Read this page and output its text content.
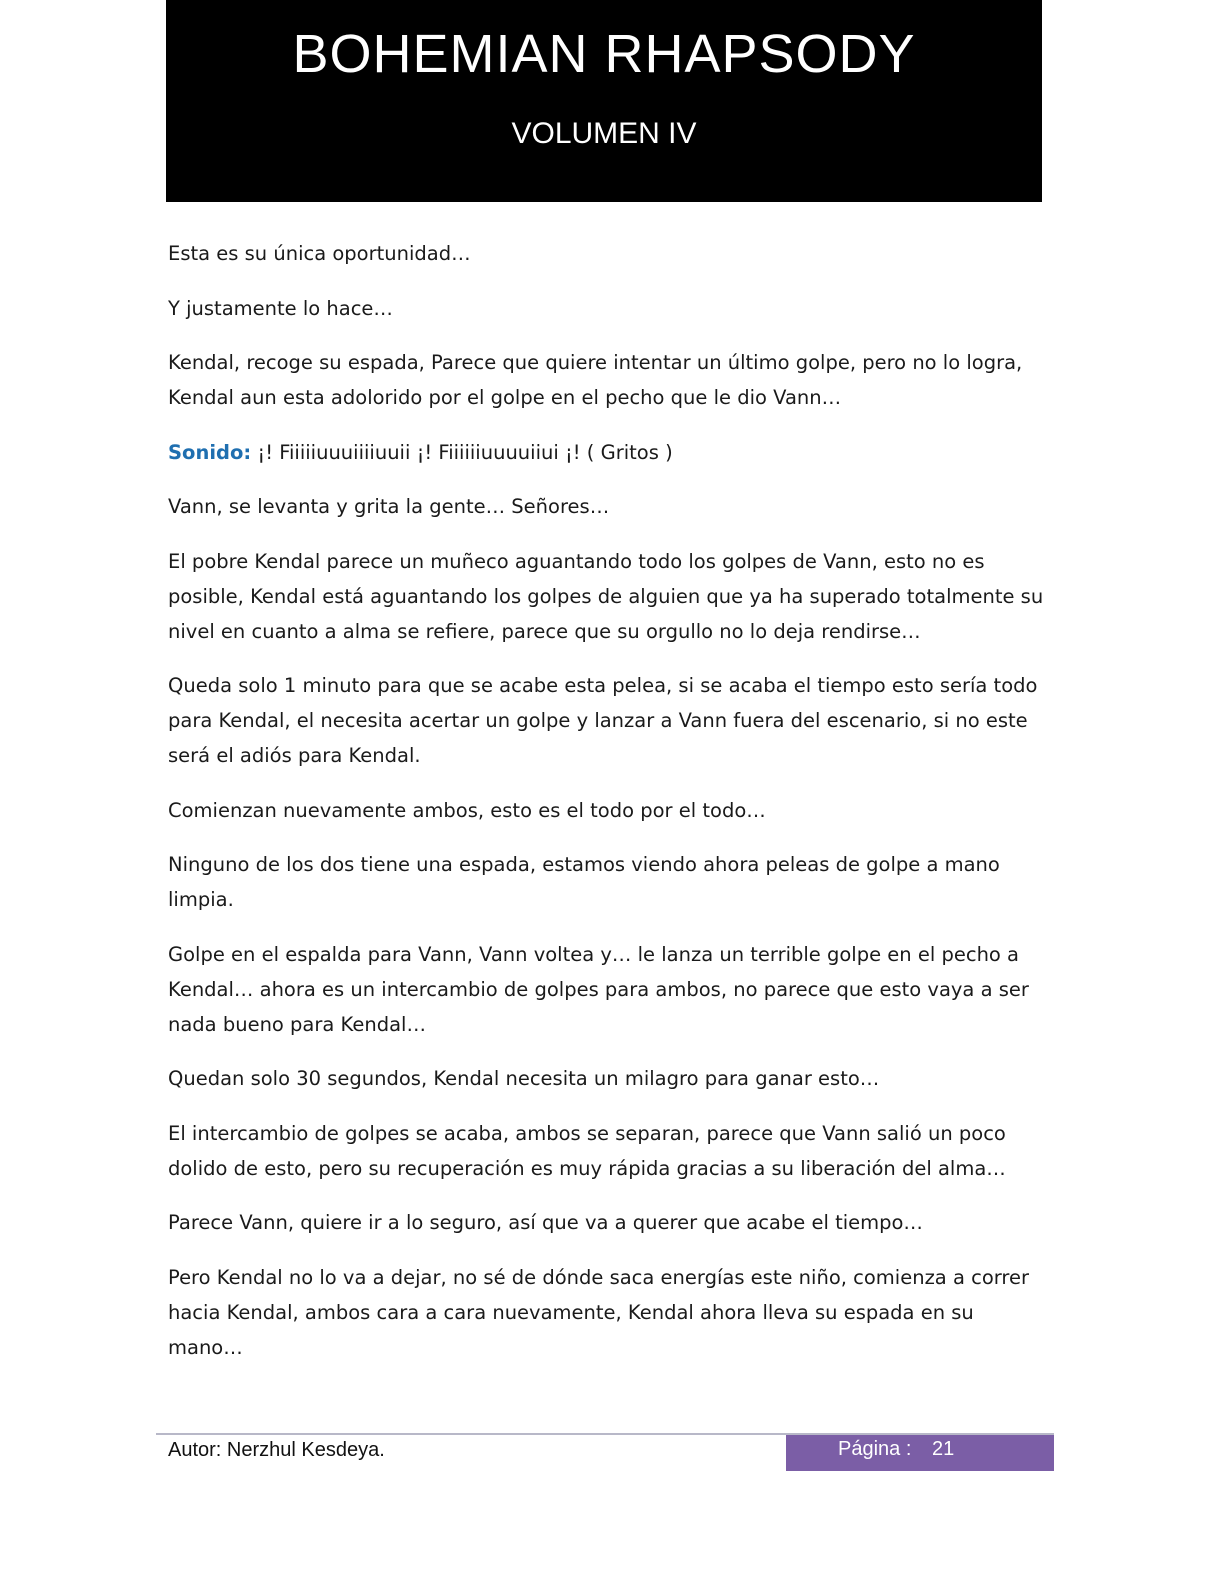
BOHEMIAN RHAPSODY
VOLUMEN IV

Esta es su única oportunidad…

Y justamente lo hace…

Kendal, recoge su espada, Parece que quiere intentar un último golpe, pero no lo logra, Kendal aun esta adolorido por el golpe en el pecho que le dio Vann…

Sonido: ¡! Fiiiiiuuuiiiiuuii ¡! Fiiiiiiuuuuiiui ¡! ( Gritos )

Vann, se levanta y grita la gente… Señores…

El pobre Kendal parece un muñeco aguantando todo los golpes de Vann, esto no es posible, Kendal está aguantando los golpes de alguien que ya ha superado totalmente su nivel en cuanto a alma se refiere, parece que su orgullo no lo deja rendirse…

Queda solo 1 minuto para que se acabe esta pelea, si se acaba el tiempo esto sería todo para Kendal, el necesita acertar un golpe y lanzar a Vann fuera del escenario, si no este será el adiós para Kendal.

Comienzan nuevamente ambos, esto es el todo por el todo…

Ninguno de los dos tiene una espada, estamos viendo ahora peleas de golpe a mano limpia.

Golpe en el espalda para Vann, Vann voltea y… le lanza un terrible golpe en el pecho a Kendal… ahora es un intercambio de golpes para ambos, no parece que esto vaya a ser nada bueno para Kendal…

Quedan solo 30 segundos, Kendal necesita un milagro para ganar esto…

El intercambio de golpes se acaba, ambos se separan, parece que Vann salió un poco dolido de esto, pero su recuperación es muy rápida gracias a su liberación del alma…

Parece Vann, quiere ir a lo seguro, así que va a querer que acabe el tiempo…

Pero Kendal no lo va a dejar, no sé de dónde saca energías este niño, comienza a correr hacia Kendal, ambos cara a cara nuevamente, Kendal ahora lleva su espada en su mano…

Autor: Nerzhul Kesdeya.	Página : 21
